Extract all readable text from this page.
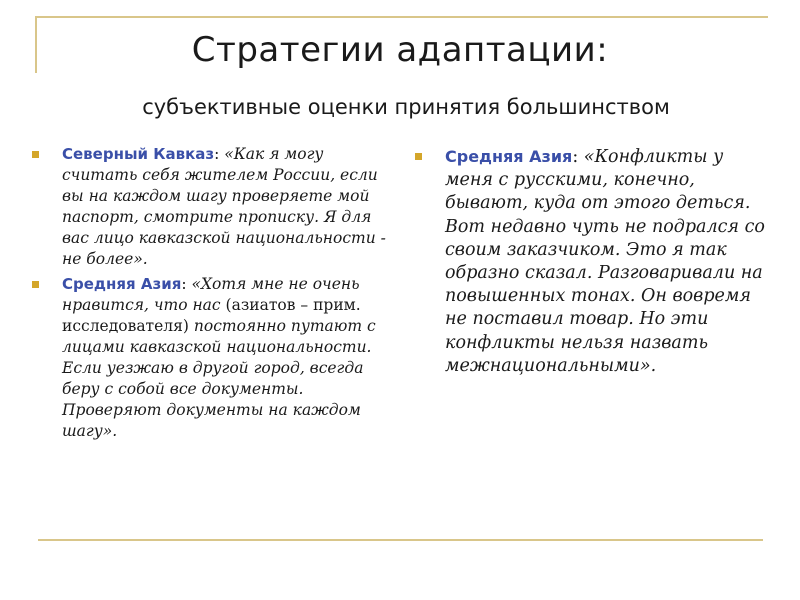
Стратегии адаптации:
субъективные оценки принятия большинством
Северный Кавказ: «Как я могу считать себя жителем России, если вы на каждом шагу проверяете мой паспорт, смотрите прописку. Я для вас лицо кавказской национальности - не более».
Средняя Азия: «Хотя мне не очень нравится, что нас (азиатов – прим. исследователя) постоянно путают с лицами кавказской национальности. Если уезжаю в другой город, всегда беру с собой все документы. Проверяют документы на каждом шагу».
Средняя Азия: «Конфликты у меня с русскими, конечно, бывают, куда от этого деться. Вот недавно чуть не подрался со своим заказчиком. Это я так образно сказал. Разговаривали на повышенных тонах. Он вовремя не поставил товар. Но эти конфликты нельзя назвать межнациональными».
